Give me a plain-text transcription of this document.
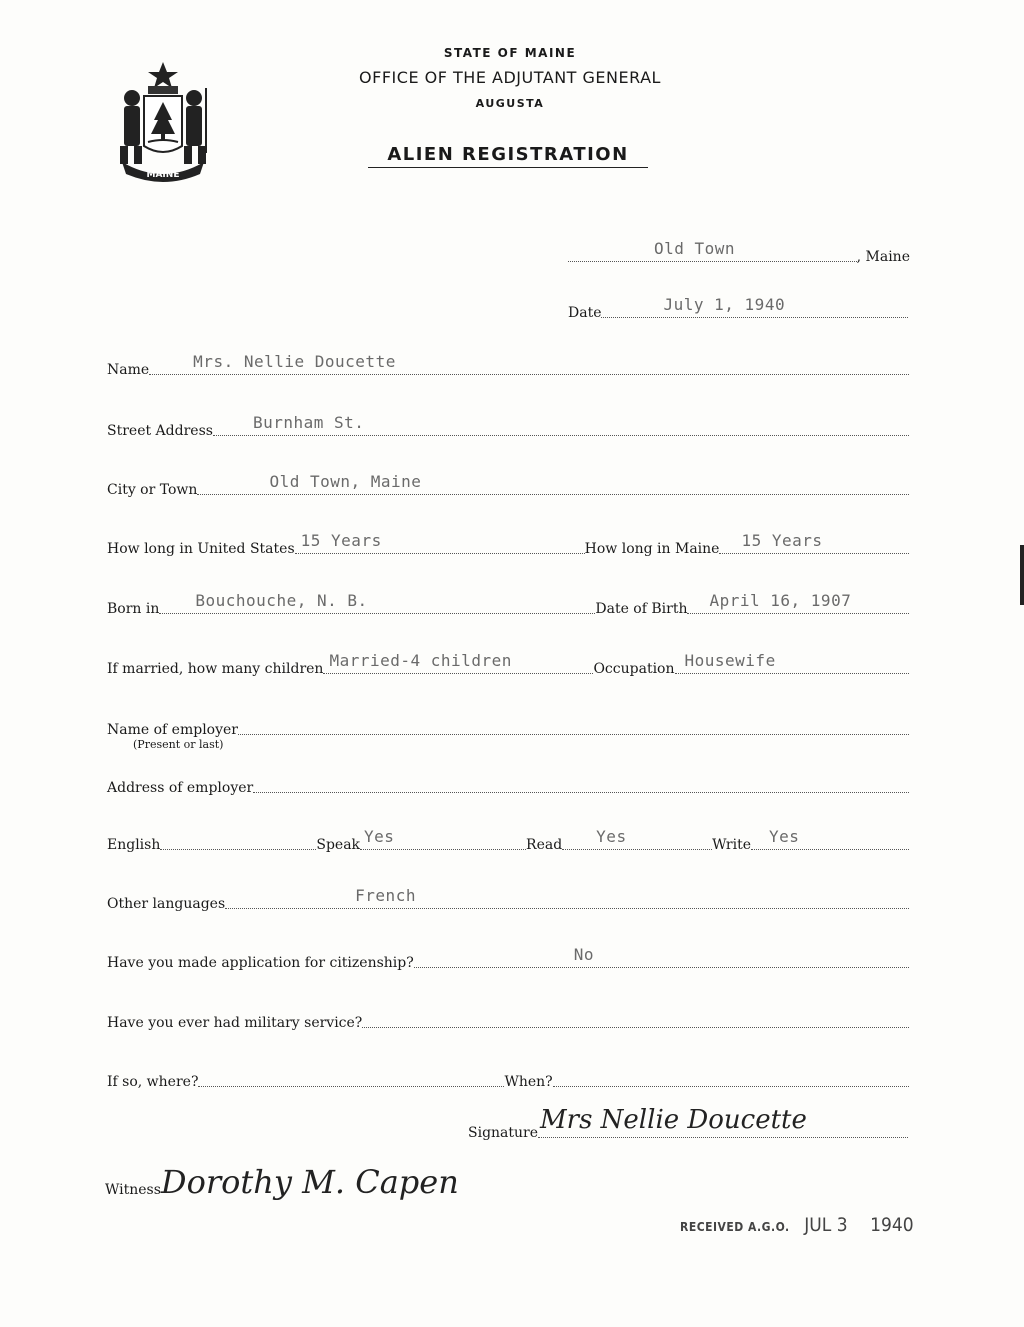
MAINE
STATE OF MAINE
OFFICE OF THE ADJUTANT GENERAL
AUGUSTA
ALIEN REGISTRATION
Old Town	, Maine
Date	July 1, 1940
Name	Mrs. Nellie Doucette
Street Address	Burnham St.
City or Town	Old Town, Maine
How long in United States 15 Years	How long in Maine 15 Years
Born in Bouchouche, N. B.	Date of Birth April 16, 1907
If married, how many children Married-4 children	Occupation Housewife
Name of employer
(Present or last)
Address of employer
English	Speak Yes	Read Yes	Write Yes
Other languages	French
Have you made application for citizenship?	No
Have you ever had military service?
If so, where?	When?
Signature Mrs Nellie Doucette
Witness Dorothy M. Capen
RECEIVED A.G.O. JUL 3 1940
